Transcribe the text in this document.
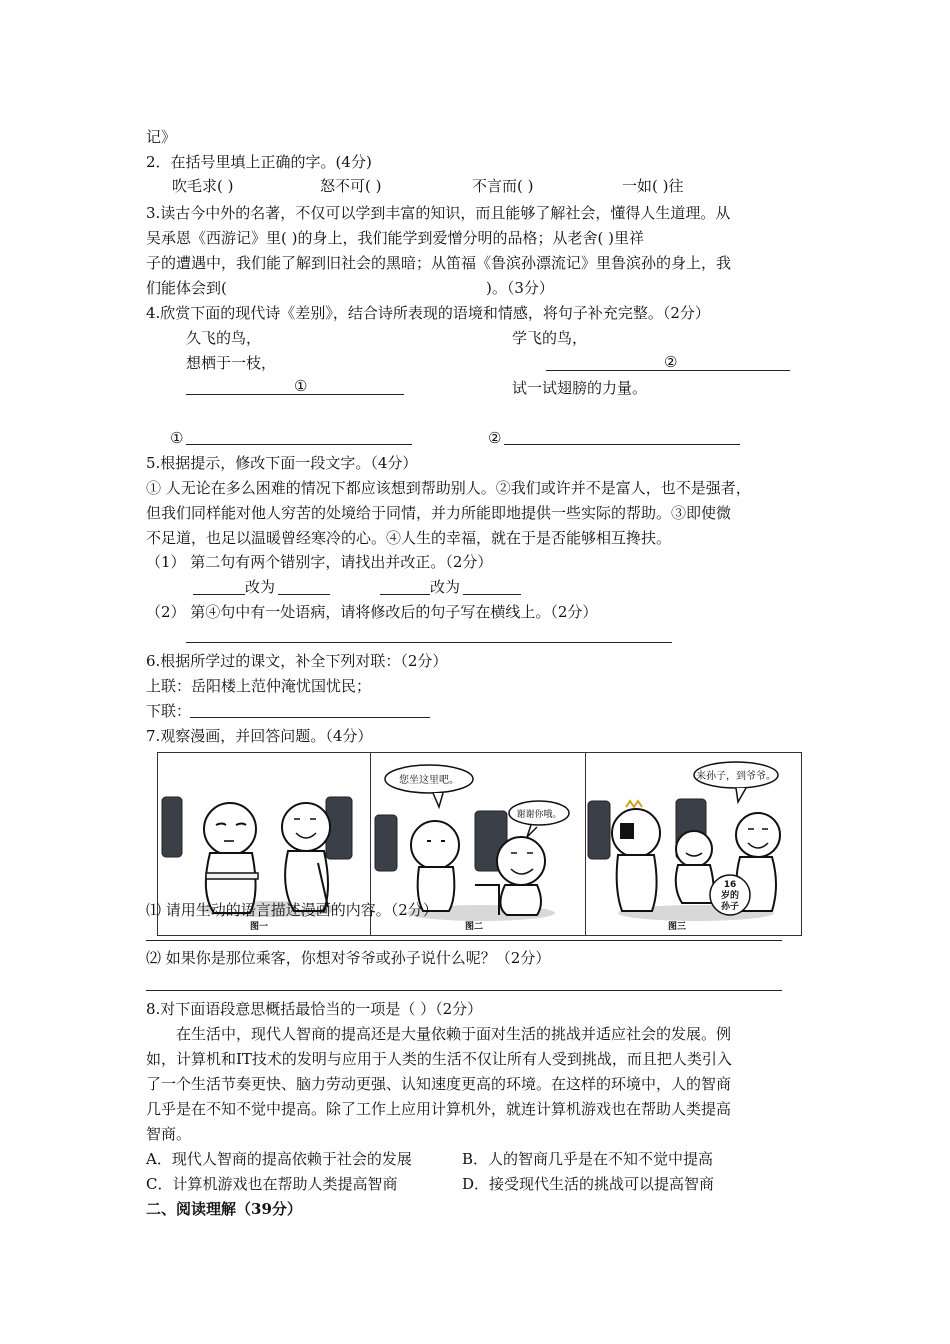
记》
2．在括号里填上正确的字。(4分)
吹毛求( )	怒不可( )	不言而( )	一如( )往
3.读古今中外的名著，不仅可以学到丰富的知识，而且能够了解社会，懂得人生道理。从
吴承恩《西游记》里( )的身上，我们能学到爱憎分明的品格；从老舍( )里祥
子的遭遇中，我们能了解到旧社会的黑暗；从笛福《鲁滨孙漂流记》里鲁滨孙的身上，我
们能体会到(	)。（3分）
4.欣赏下面的现代诗《差别》，结合诗所表现的语境和情感，将句子补充完整。（2分）
久飞的鸟，
想栖于一枝，
①
学飞的鸟，
②
试一试翅膀的力量。
①	②
5.根据提示，修改下面一段文字。（4分）
① 人无论在多么困难的情况下都应该想到帮助别人。②我们或许并不是富人，也不是强者，
但我们同样能对他人穷苦的处境给于同情，并力所能即地提供一些实际的帮助。③即使微
不足道，也足以温暖曾经寒冷的心。④人生的幸福，就在于是否能够相互搀扶。
（1） 第二句有两个错别字，请找出并改正。（2分）
改为	改为
（2） 第④句中有一处语病，请将修改后的句子写在横线上。（2分）
6.根据所学过的课文，补全下列对联：（2分）
上联：岳阳楼上范仲淹忧国忧民；
下联：
7.观察漫画，并回答问题。（4分）
图一
您坐这里吧。
谢谢你哦。
图二
来孙子，到爷爷。
16
岁的
孙子
图三
⑴ 请用生动的语言描述漫画的内容。（2分）
⑵ 如果你是那位乘客，你想对爷爷或孙子说什么呢？（2分）
8.对下面语段意思概括最恰当的一项是（ ）（2分）
在生活中，现代人智商的提高还是大量依赖于面对生活的挑战并适应社会的发展。例
如，计算机和IT技术的发明与应用于人类的生活不仅让所有人受到挑战，而且把人类引入
了一个生活节奏更快、脑力劳动更强、认知速度更高的环境。在这样的环境中，人的智商
几乎是在不知不觉中提高。除了工作上应用计算机外，就连计算机游戏也在帮助人类提高
智商。
A．现代人智商的提高依赖于社会的发展	B．人的智商几乎是在不知不觉中提高
C．计算机游戏也在帮助人类提高智商	D．接受现代生活的挑战可以提高智商
二、阅读理解（39分）
